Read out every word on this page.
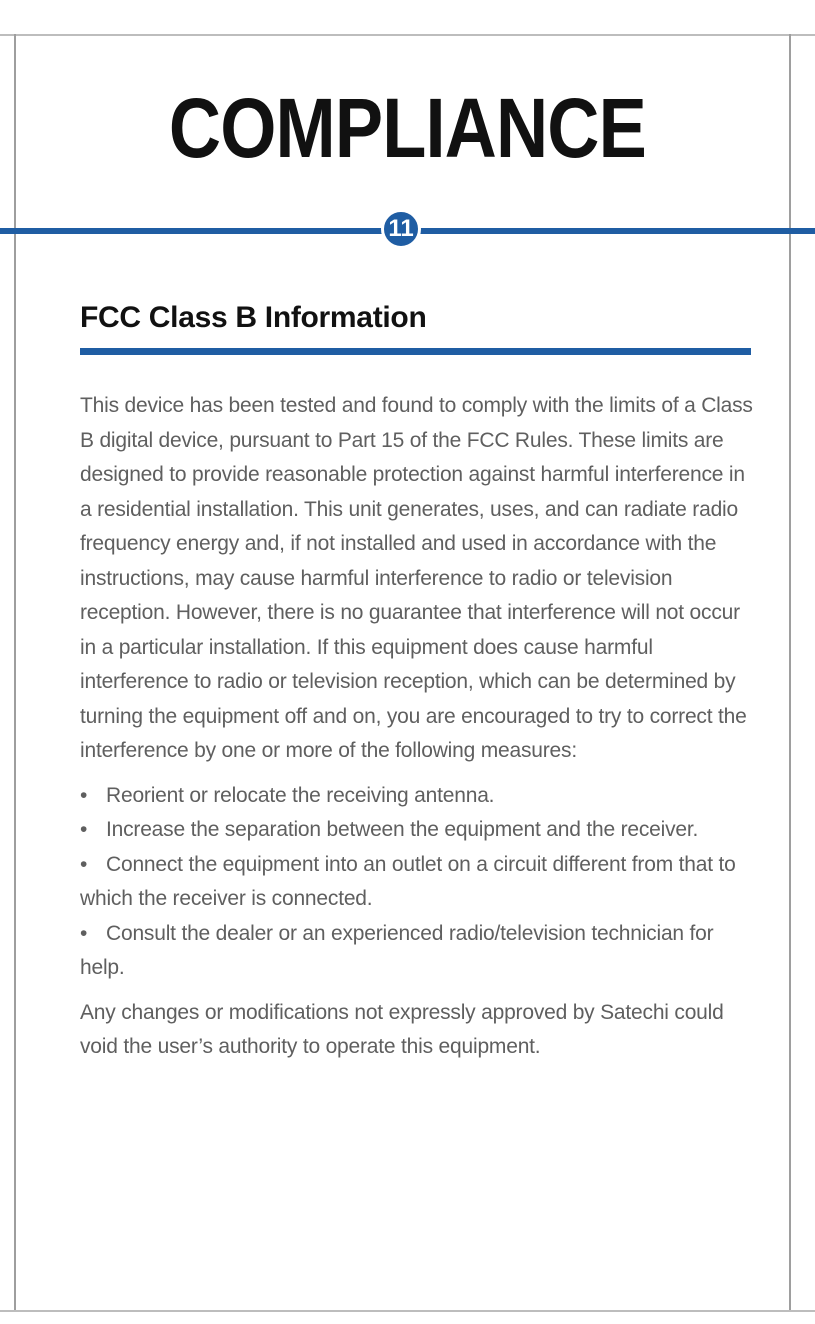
COMPLIANCE
11
FCC Class B Information

This device has been tested and found to comply with the limits of a Class B digital device, pursuant to Part 15 of the FCC Rules. These limits are designed to provide reasonable protection against harmful interference in a residential installation. This unit generates, uses, and can radiate radio frequency energy and, if not installed and used in accordance with the instructions, may cause harmful interference to radio or television reception. However, there is no guarantee that interference will not occur in a particular installation. If this equipment does cause harmful interference to radio or television reception, which can be determined by turning the equipment off and on, you are encouraged to try to correct the interference by one or more of the following measures:

• Reorient or relocate the receiving antenna.
• Increase the separation between the equipment and the receiver.
• Connect the equipment into an outlet on a circuit different from that to which the receiver is connected.
• Consult the dealer or an experienced radio/television technician for help.

Any changes or modifications not expressly approved by Satechi could void the user’s authority to operate this equipment.
